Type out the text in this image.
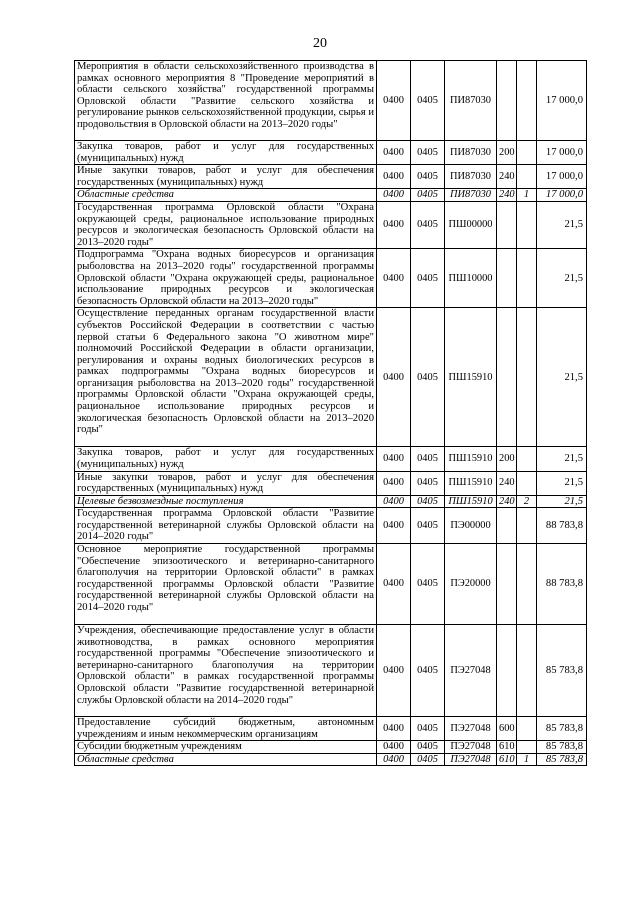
20
Мероприятия в области сельскохозяйственного производства в рамках основного мероприятия 8 "Проведение мероприятий в области сельского хозяйства" государственной программы Орловской области "Развитие сельского хозяйства и регулирование рынков сельскохозяйственной продукции, сырья и продовольствия в Орловской области на 2013–2020 годы"	0400	0405	ПИ87030			17 000,0
Закупка товаров, работ и услуг для государственных (муниципальных) нужд	0400	0405	ПИ87030	200		17 000,0
Иные закупки товаров, работ и услуг для обеспечения государственных (муниципальных) нужд	0400	0405	ПИ87030	240		17 000,0
Областные средства	0400	0405	ПИ87030	240	1	17 000,0
Государственная программа Орловской области "Охрана окружающей среды, рациональное использование природных ресурсов и экологическая безопасность Орловской области на 2013–2020 годы"	0400	0405	ПШ00000			21,5
Подпрограмма "Охрана водных биоресурсов и организация рыболовства на 2013–2020 годы" государственной программы Орловской области "Охрана окружающей среды, рациональное использование природных ресурсов и экологическая безопасность Орловской области на 2013–2020 годы"	0400	0405	ПШ10000			21,5
Осуществление переданных органам государственной власти субъектов Российской Федерации в соответствии с частью первой статьи 6 Федерального закона "О животном мире" полномочий Российской Федерации в области организации, регулирования и охраны водных биологических ресурсов в рамках подпрограммы "Охрана водных биоресурсов и организация рыболовства на 2013–2020 годы" государственной программы Орловской области "Охрана окружающей среды, рациональное использование природных ресурсов и экологическая безопасность Орловской области на 2013–2020 годы"	0400	0405	ПШ15910			21,5
Закупка товаров, работ и услуг для государственных (муниципальных) нужд	0400	0405	ПШ15910	200		21,5
Иные закупки товаров, работ и услуг для обеспечения государственных (муниципальных) нужд	0400	0405	ПШ15910	240		21,5
Целевые безвозмездные поступления	0400	0405	ПШ15910	240	2	21,5
Государственная программа Орловской области "Развитие государственной ветеринарной службы Орловской области на 2014–2020 годы"	0400	0405	ПЭ00000			88 783,8
Основное мероприятие государственной программы "Обеспечение эпизоотического и ветеринарно-санитарного благополучия на территории Орловской области" в рамках государственной программы Орловской области "Развитие государственной ветеринарной службы Орловской области на 2014–2020 годы"	0400	0405	ПЭ20000			88 783,8
Учреждения, обеспечивающие предоставление услуг в области животноводства, в рамках основного мероприятия государственной программы "Обеспечение эпизоотического и ветеринарно-санитарного благополучия на территории Орловской области" в рамках государственной программы Орловской области "Развитие государственной ветеринарной службы Орловской области на 2014–2020 годы"	0400	0405	ПЭ27048			85 783,8
Предоставление субсидий бюджетным, автономным учреждениям и иным некоммерческим организациям	0400	0405	ПЭ27048	600		85 783,8
Субсидии бюджетным учреждениям	0400	0405	ПЭ27048	610		85 783,8
Областные средства	0400	0405	ПЭ27048	610	1	85 783,8
